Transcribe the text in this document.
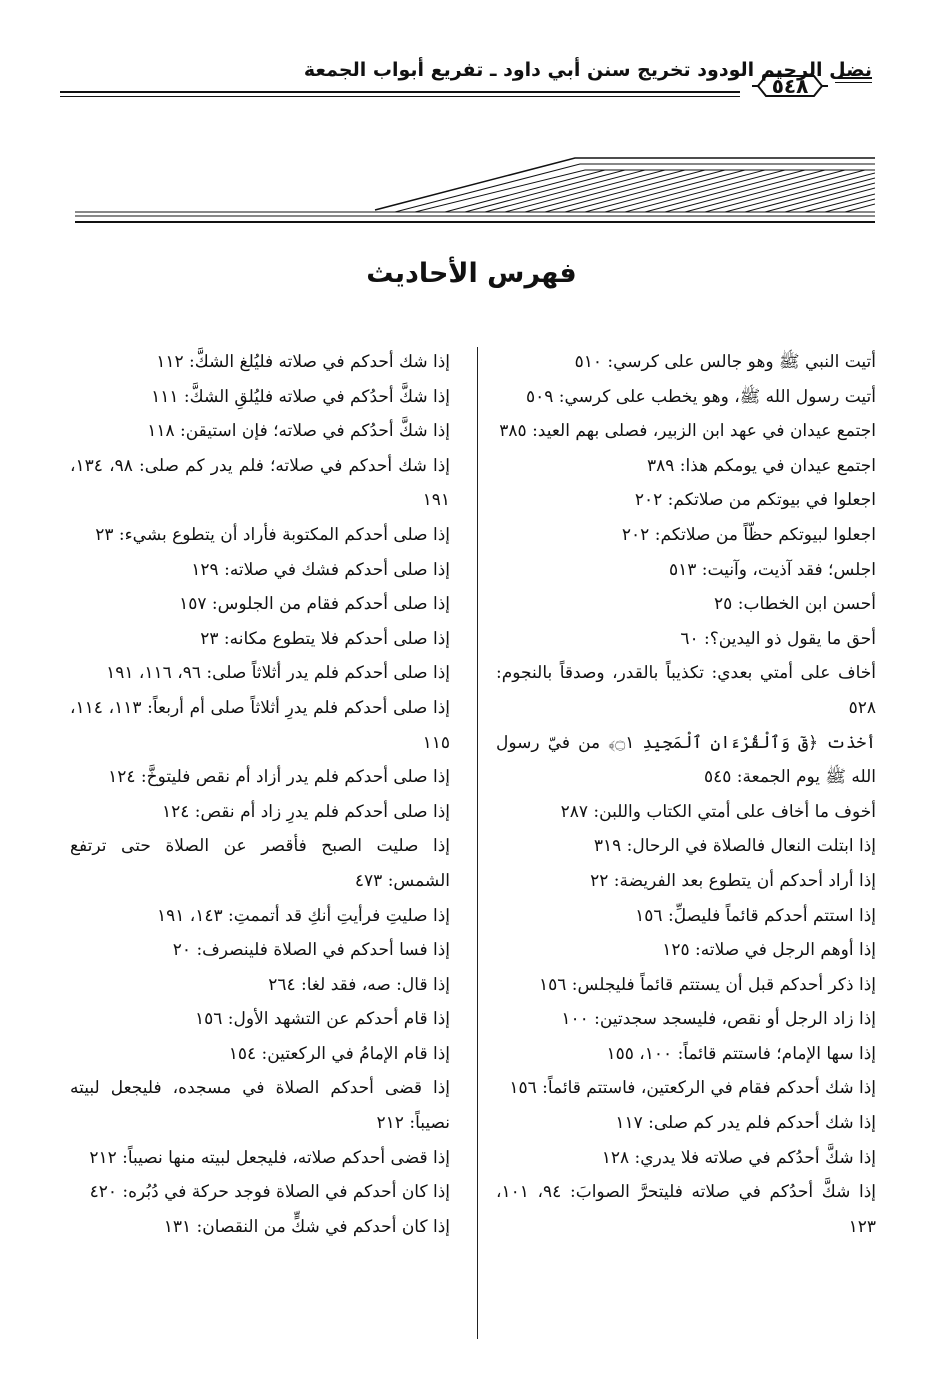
٥٤٨
نضل الرحيم الودود تخريج سنن أبي داود ـ تفريع أبواب الجمعة
فهرس الأحاديث

أتيت النبي ﷺ وهو جالس على كرسي: ٥١٠

أتيت رسول الله ﷺ، وهو يخطب على كرسي: ٥٠٩

اجتمع عيدان في عهد ابن الزبير، فصلى بهم العيد: ٣٨٥

اجتمع عيدان في يومكم هذا: ٣٨٩

اجعلوا في بيوتكم من صلاتكم: ٢٠٢

اجعلوا لبيوتكم حظّاً من صلاتكم: ٢٠٢

اجلس؛ فقد آذيت، وآنيت: ٥١٣

أحسن ابن الخطاب: ٢٥

أحق ما يقول ذو اليدين؟: ٦٠

أخاف على أمتي بعدي: تكذيباً بالقدر، وصدقاً بالنجوم: ٥٢٨

أخذت ﴿قٓ وَٱلْقُرْءَانِ ٱلْمَجِيدِ ۝١﴾ من فيّ رسول الله ﷺ يوم الجمعة: ٥٤٥

أخوف ما أخاف على أمتي الكتاب واللبن: ٢٨٧

إذا ابتلت النعال فالصلاة في الرحال: ٣١٩

إذا أراد أحدكم أن يتطوع بعد الفريضة: ٢٢

إذا استتم أحدكم قائماً فليصلِّ: ١٥٦

إذا أوهم الرجل في صلاته: ١٢٥

إذا ذكر أحدكم قبل أن يستتم قائماً فليجلس: ١٥٦

إذا زاد الرجل أو نقص، فليسجد سجدتين: ١٠٠

إذا سها الإمام؛ فاستتم قائماً: ١٠٠، ١٥٥

إذا شك أحدكم فقام في الركعتين، فاستتم قائماً: ١٥٦

إذا شك أحدكم فلم يدر كم صلى: ١١٧

إذا شكَّ أحدُكم في صلاته فلا يدري: ١٢٨

إذا شكَّ أحدُكم في صلاته فليتحرَّ الصوابَ: ٩٤، ١٠١، ١٢٣

إذا شك أحدكم في صلاته فليُلغ الشكَّ: ١١٢

إذا شكَّ أحدُكم في صلاته فليُلقِ الشكَّ: ١١١

إذا شكَّ أحدُكم في صلاته؛ فإن استيقن: ١١٨

إذا شك أحدكم في صلاته؛ فلم يدر كم صلى: ٩٨، ١٣٤، ١٩١

إذا صلى أحدكم المكتوبة فأراد أن يتطوع بشيء: ٢٣

إذا صلى أحدكم فشك في صلاته: ١٢٩

إذا صلى أحدكم فقام من الجلوس: ١٥٧

إذا صلى أحدكم فلا يتطوع مكانه: ٢٣

إذا صلى أحدكم فلم يدر أثلاثاً صلى: ٩٦، ١١٦، ١٩١

إذا صلى أحدكم فلم يدرِ أثلاثاً صلى أم أربعاً: ١١٣، ١١٤، ١١٥

إذا صلى أحدكم فلم يدر أزاد أم نقص فليتوخَّ: ١٢٤

إذا صلى أحدكم فلم يدرِ زاد أم نقص: ١٢٤

إذا صليت الصبح فأقصر عن الصلاة حتى ترتفع الشمس: ٤٧٣

إذا صليتِ فرأيتِ أنكِ قد أتممتِ: ١٤٣، ١٩١

إذا فسا أحدكم في الصلاة فلينصرف: ٢٠

إذا قال: صه، فقد لغا: ٢٦٤

إذا قام أحدكم عن التشهد الأول: ١٥٦

إذا قام الإمامُ في الركعتين: ١٥٤

إذا قضى أحدكم الصلاة في مسجده، فليجعل لبيته نصيباً: ٢١٢

إذا قضى أحدكم صلاته، فليجعل لبيته منها نصيباً: ٢١٢

إذا كان أحدكم في الصلاة فوجد حركة في دُبُره: ٤٢٠

إذا كان أحدكم في شكٍّ من النقصان: ١٣١
